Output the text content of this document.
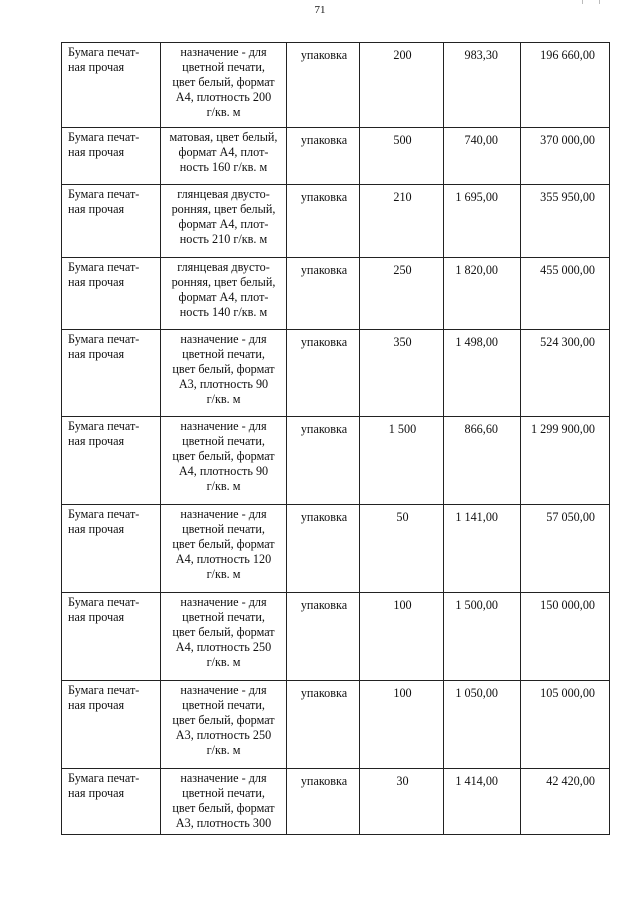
71
Бумага печат-
ная прочая	назначение - для
цветной печати,
цвет белый, формат
А4, плотность 200
г/кв. м	упаковка	200	983,30	196 660,00
Бумага печат-
ная прочая	матовая, цвет белый,
формат А4, плот-
ность 160 г/кв. м	упаковка	500	740,00	370 000,00
Бумага печат-
ная прочая	глянцевая двусто-
ронняя, цвет белый,
формат А4, плот-
ность 210 г/кв. м	упаковка	210	1 695,00	355 950,00
Бумага печат-
ная прочая	глянцевая двусто-
ронняя, цвет белый,
формат А4, плот-
ность 140 г/кв. м	упаковка	250	1 820,00	455 000,00
Бумага печат-
ная прочая	назначение - для
цветной печати,
цвет белый, формат
А3, плотность 90
г/кв. м	упаковка	350	1 498,00	524 300,00
Бумага печат-
ная прочая	назначение - для
цветной печати,
цвет белый, формат
А4, плотность 90
г/кв. м	упаковка	1 500	866,60	1 299 900,00
Бумага печат-
ная прочая	назначение - для
цветной печати,
цвет белый, формат
А4, плотность 120
г/кв. м	упаковка	50	1 141,00	57 050,00
Бумага печат-
ная прочая	назначение - для
цветной печати,
цвет белый, формат
А4, плотность 250
г/кв. м	упаковка	100	1 500,00	150 000,00
Бумага печат-
ная прочая	назначение - для
цветной печати,
цвет белый, формат
А3, плотность 250
г/кв. м	упаковка	100	1 050,00	105 000,00
Бумага печат-
ная прочая	назначение - для
цветной печати,
цвет белый, формат
А3, плотность 300	упаковка	30	1 414,00	42 420,00
